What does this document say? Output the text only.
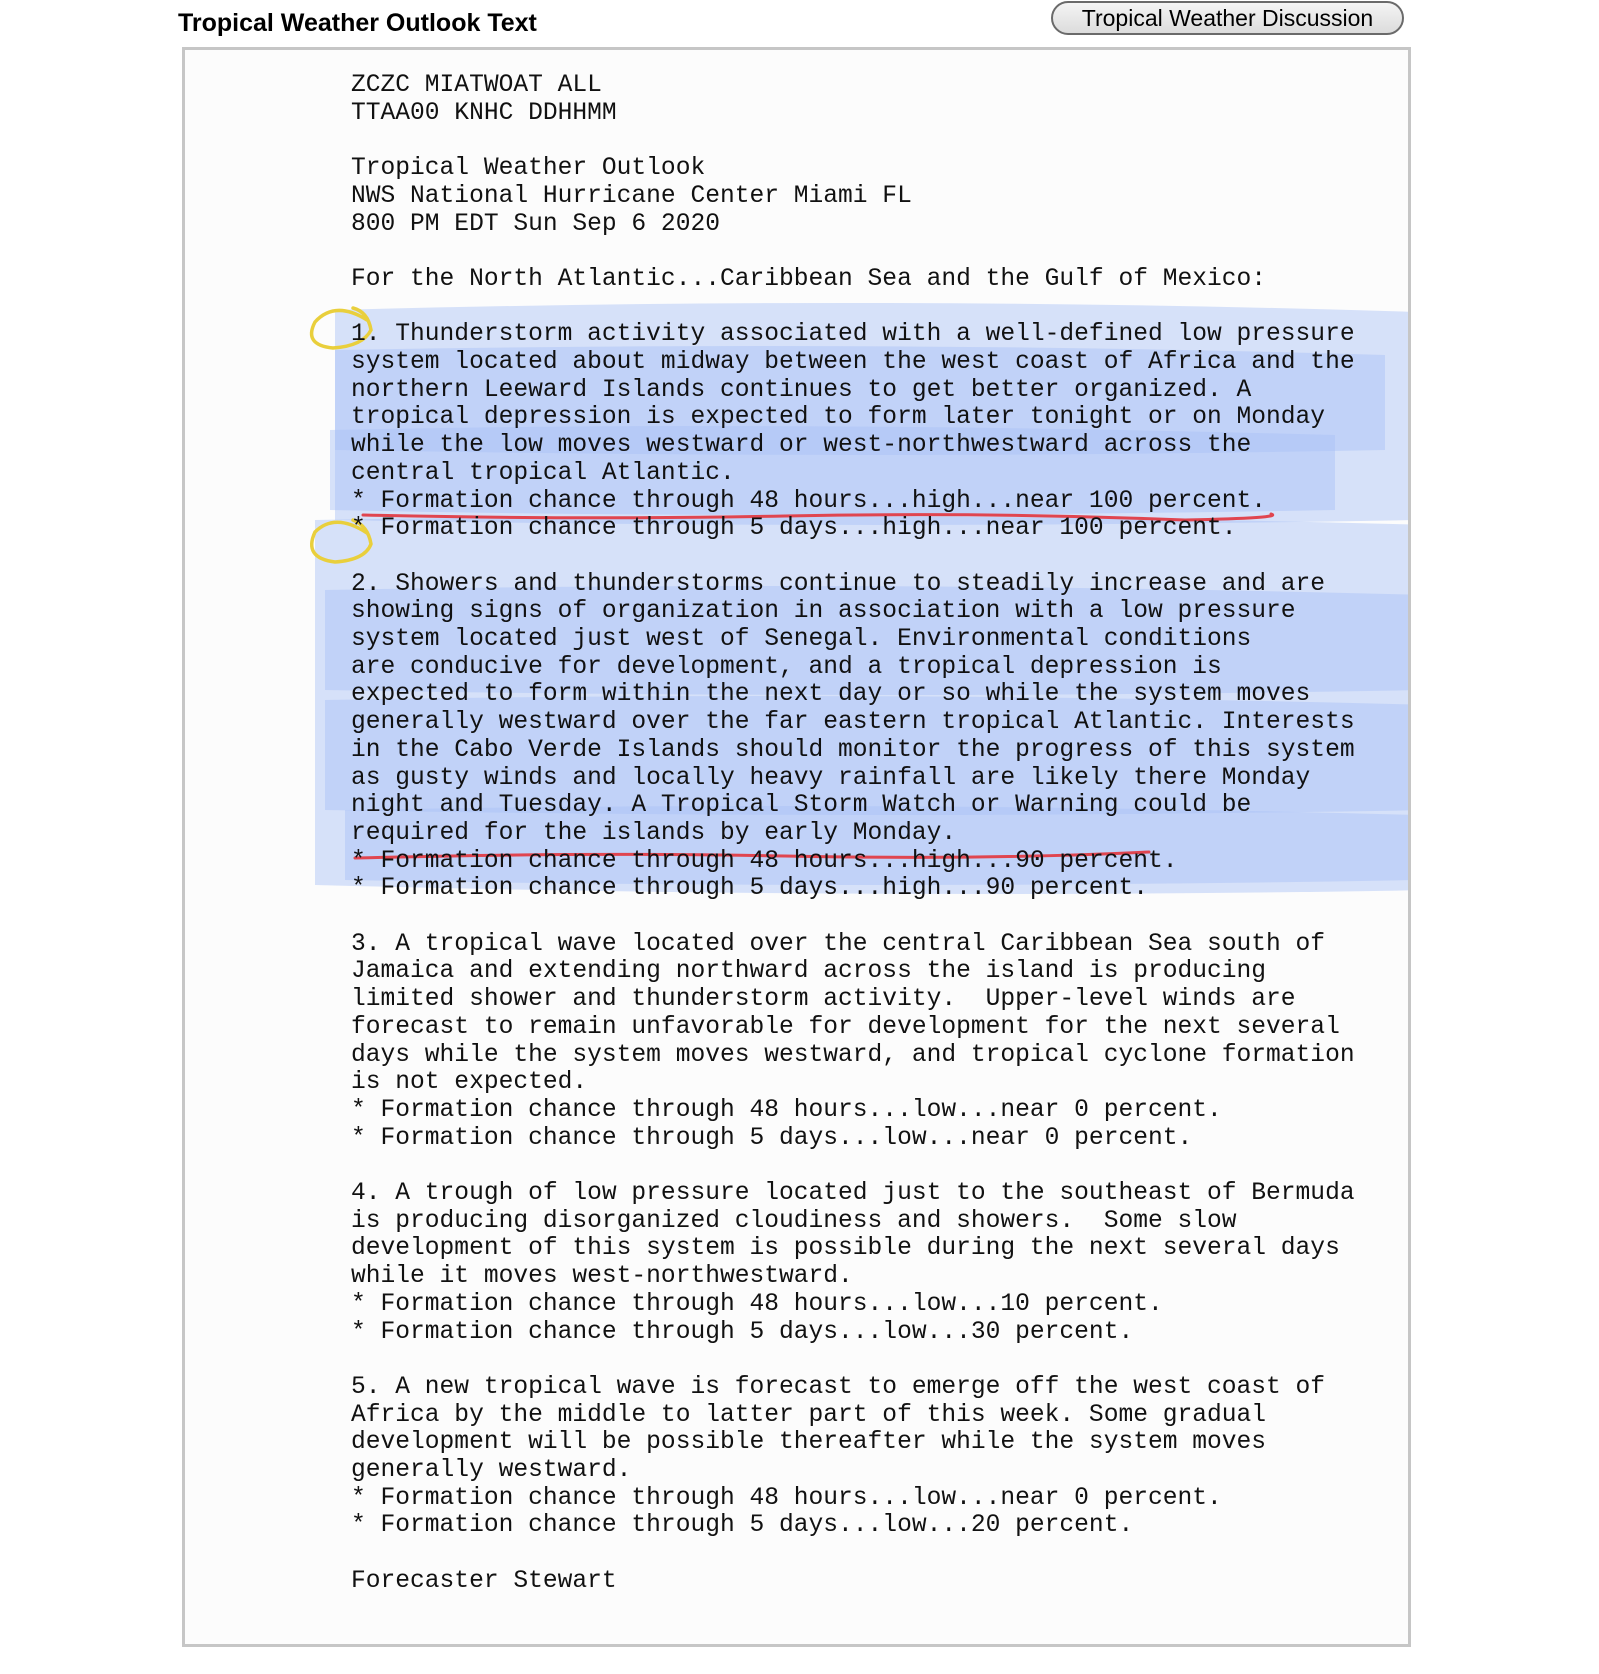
Tropical Weather Outlook Text	Tropical Weather Discussion
ZCZC MIATWOAT ALL
TTAA00 KNHC DDHHMM
Tropical Weather Outlook
NWS National Hurricane Center Miami FL
800 PM EDT Sun Sep 6 2020
For the North Atlantic...Caribbean Sea and the Gulf of Mexico:
1. Thunderstorm activity associated with a well-defined low pressure
system located about midway between the west coast of Africa and the
northern Leeward Islands continues to get better organized. A
tropical depression is expected to form later tonight or on Monday
while the low moves westward or west-northwestward across the
central tropical Atlantic.
* Formation chance through 48 hours...high...near 100 percent.
* Formation chance through 5 days...high...near 100 percent.
2. Showers and thunderstorms continue to steadily increase and are
showing signs of organization in association with a low pressure
system located just west of Senegal. Environmental conditions
are conducive for development, and a tropical depression is
expected to form within the next day or so while the system moves
generally westward over the far eastern tropical Atlantic. Interests
in the Cabo Verde Islands should monitor the progress of this system
as gusty winds and locally heavy rainfall are likely there Monday
night and Tuesday. A Tropical Storm Watch or Warning could be
required for the islands by early Monday.
* Formation chance through 48 hours...high...90 percent.
* Formation chance through 5 days...high...90 percent.
3. A tropical wave located over the central Caribbean Sea south of
Jamaica and extending northward across the island is producing
limited shower and thunderstorm activity.  Upper-level winds are
forecast to remain unfavorable for development for the next several
days while the system moves westward, and tropical cyclone formation
is not expected.
* Formation chance through 48 hours...low...near 0 percent.
* Formation chance through 5 days...low...near 0 percent.
4. A trough of low pressure located just to the southeast of Bermuda
is producing disorganized cloudiness and showers.  Some slow
development of this system is possible during the next several days
while it moves west-northwestward.
* Formation chance through 48 hours...low...10 percent.
* Formation chance through 5 days...low...30 percent.
5. A new tropical wave is forecast to emerge off the west coast of
Africa by the middle to latter part of this week. Some gradual
development will be possible thereafter while the system moves
generally westward.
* Formation chance through 48 hours...low...near 0 percent.
* Formation chance through 5 days...low...20 percent.
Forecaster Stewart
